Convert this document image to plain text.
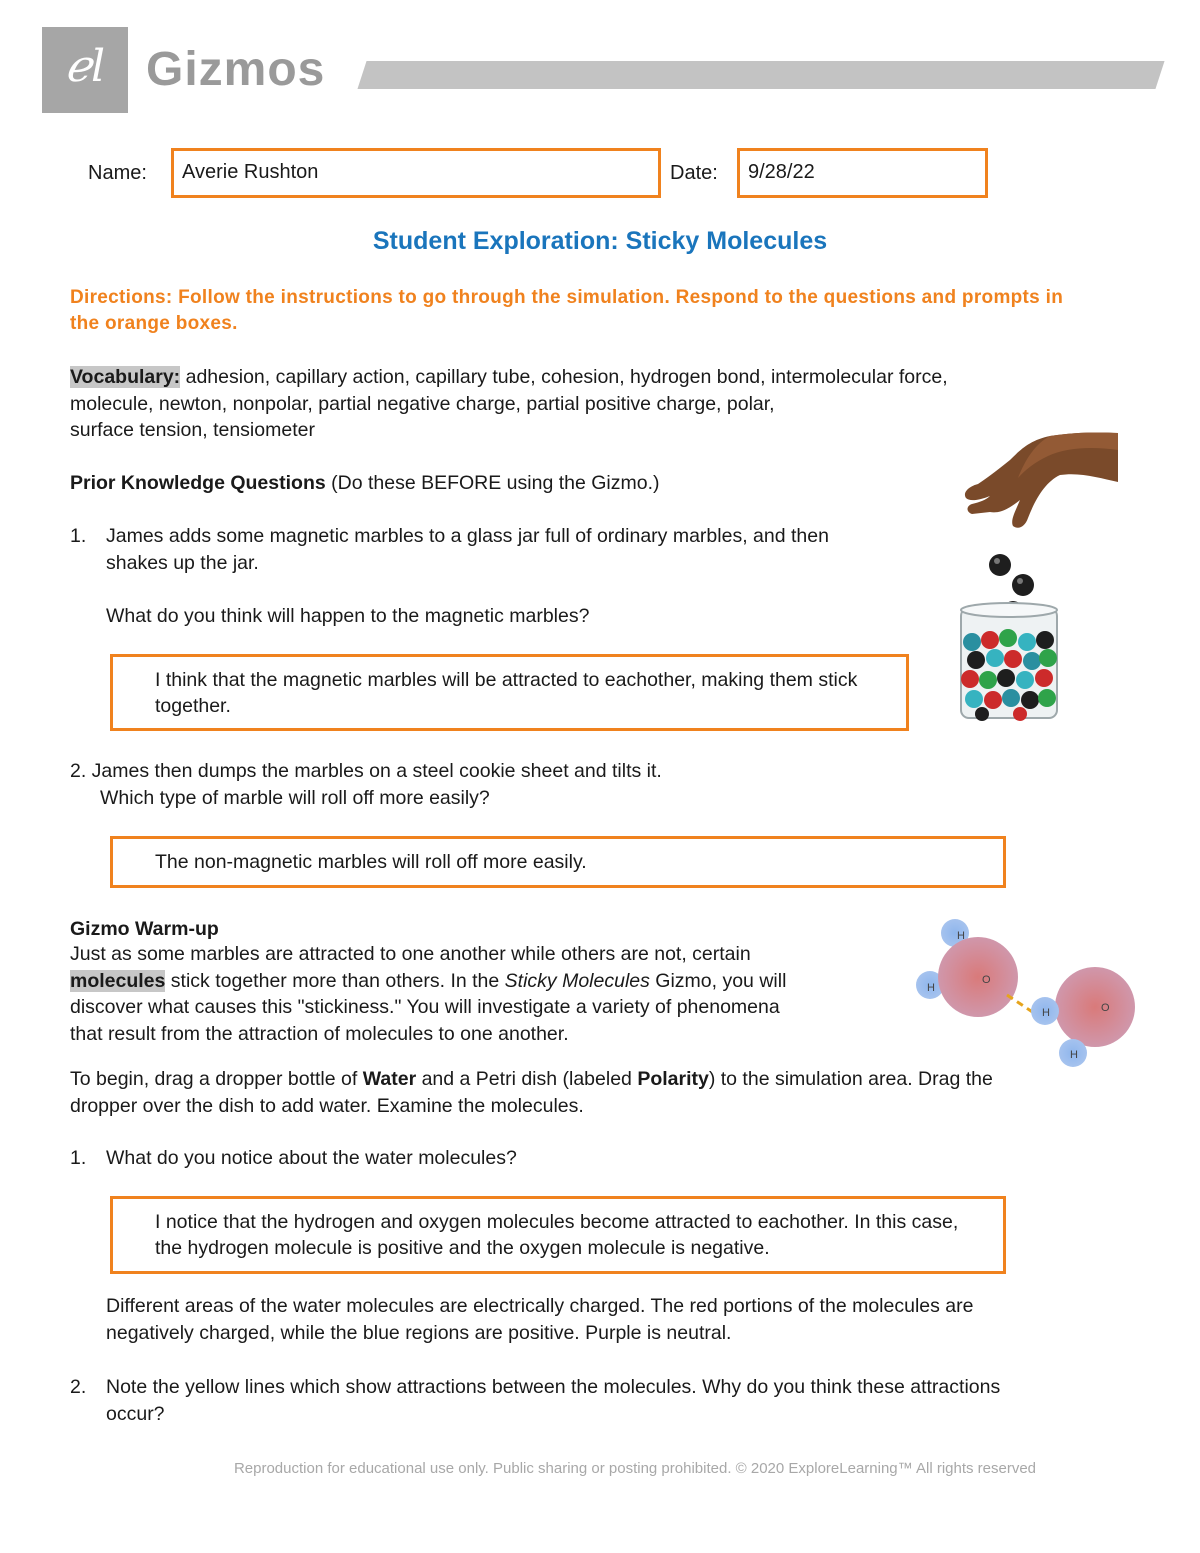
ℯl Gizmos
Name:	Averie Rushton	Date:	9/28/22
Student Exploration: Sticky Molecules
Directions: Follow the instructions to go through the simulation. Respond to the questions and prompts in the orange boxes.
Vocabulary: adhesion, capillary action, capillary tube, cohesion, hydrogen bond, intermolecular force,
molecule, newton, nonpolar, partial negative charge, partial positive charge, polar,
surface tension, tensiometer
Prior Knowledge Questions (Do these BEFORE using the Gizmo.)
1. James adds some magnetic marbles to a glass jar full of ordinary marbles, and then
shakes up the jar.
What do you think will happen to the magnetic marbles?
I think that the magnetic marbles will be attracted to eachother, making them stick together.
2. James then dumps the marbles on a steel cookie sheet and tilts it.
Which type of marble will roll off more easily?
The non-magnetic marbles will roll off more easily.
Gizmo Warm-up
Just as some marbles are attracted to one another while others are not, certain
molecules stick together more than others. In the Sticky Molecules Gizmo, you will
discover what causes this "stickiness." You will investigate a variety of phenomena
that result from the attraction of molecules to one another.
H
H
O
H
H
O
To begin, drag a dropper bottle of Water and a Petri dish (labeled Polarity) to the simulation area. Drag the
dropper over the dish to add water. Examine the molecules.
1. What do you notice about the water molecules?
I notice that the hydrogen and oxygen molecules become attracted to eachother. In this case, the hydrogen molecule is positive and the oxygen molecule is negative.
Different areas of the water molecules are electrically charged. The red portions of the molecules are
negatively charged, while the blue regions are positive. Purple is neutral.
2. Note the yellow lines which show attractions between the molecules. Why do you think these attractions
occur?
Reproduction for educational use only. Public sharing or posting prohibited. © 2020 ExploreLearning™ All rights reserved
